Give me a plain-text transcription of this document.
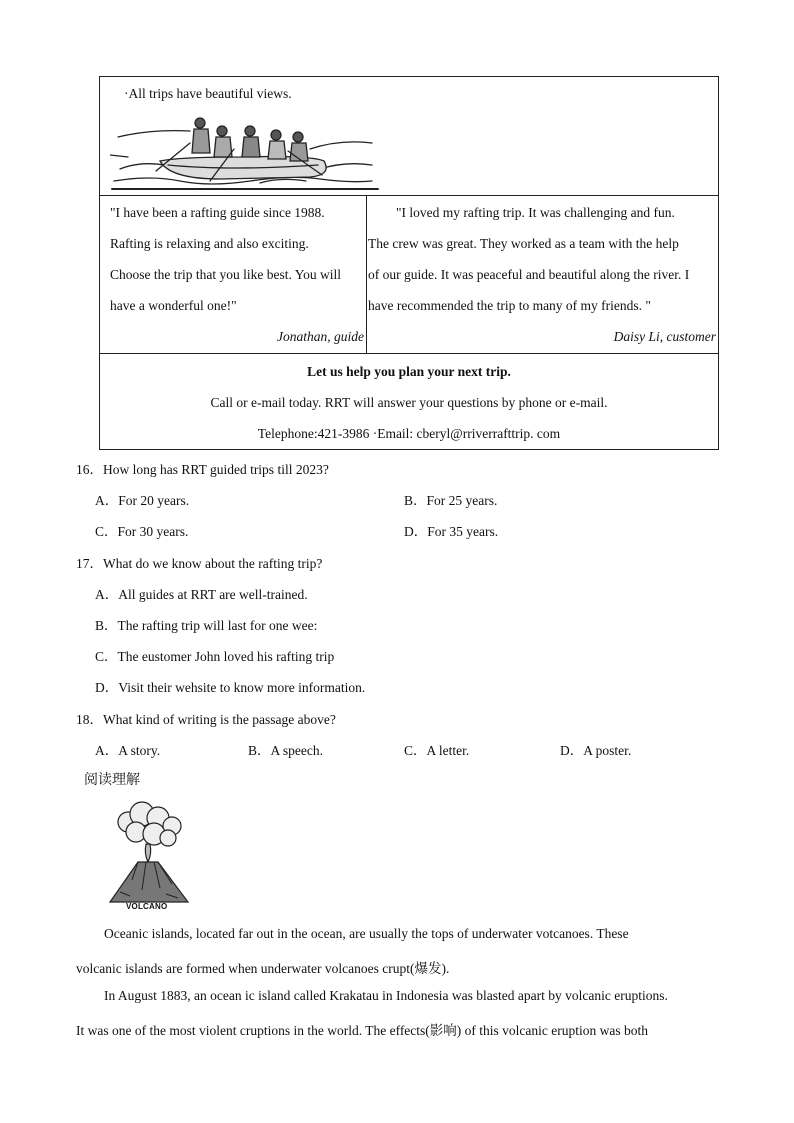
·All trips have beautiful views.
"I have been a rafting guide since 1988.
Rafting is relaxing and also exciting.
Choose the trip that you like best. You will
have a wonderful one!"
Jonathan, guide
"I loved my rafting trip. It was challenging and fun.
The crew was great. They worked as a team with the help
of our guide. It was peaceful and beautiful along the river. I
have recommended the trip to many of my friends. "
Daisy Li, customer
Let us help you plan your next trip.
Call or e-mail today. RRT will answer your questions by phone or e-mail.
Telephone:421-3986 ·Email: cberyl@rriverrafttrip. com
16．How long has RRT guided trips till 2023?
A．For 20 years.	B．For 25 years.
C．For 30 years.	D．For 35 years.
17．What do we know about the rafting trip?
A．All guides at RRT are well-trained.
B．The rafting trip will last for one wee:
C．The eustomer John loved his rafting trip
D．Visit their wehsite to know more information.
18．What kind of writing is the passage above?
A．A story.	B．A speech.	C．A letter.	D．A poster.
阅读理解
VOLCANO
Oceanic islands, located far out in the ocean, are usually the tops of underwater votcanoes. These
volcanic islands are formed when underwater volcanoes crupt(爆发).
In August 1883, an ocean ic island called Krakatau in Indonesia was blasted apart by volcanic eruptions.
It was one of the most violent cruptions in the world. The effects(影响) of this volcanic eruption was both
